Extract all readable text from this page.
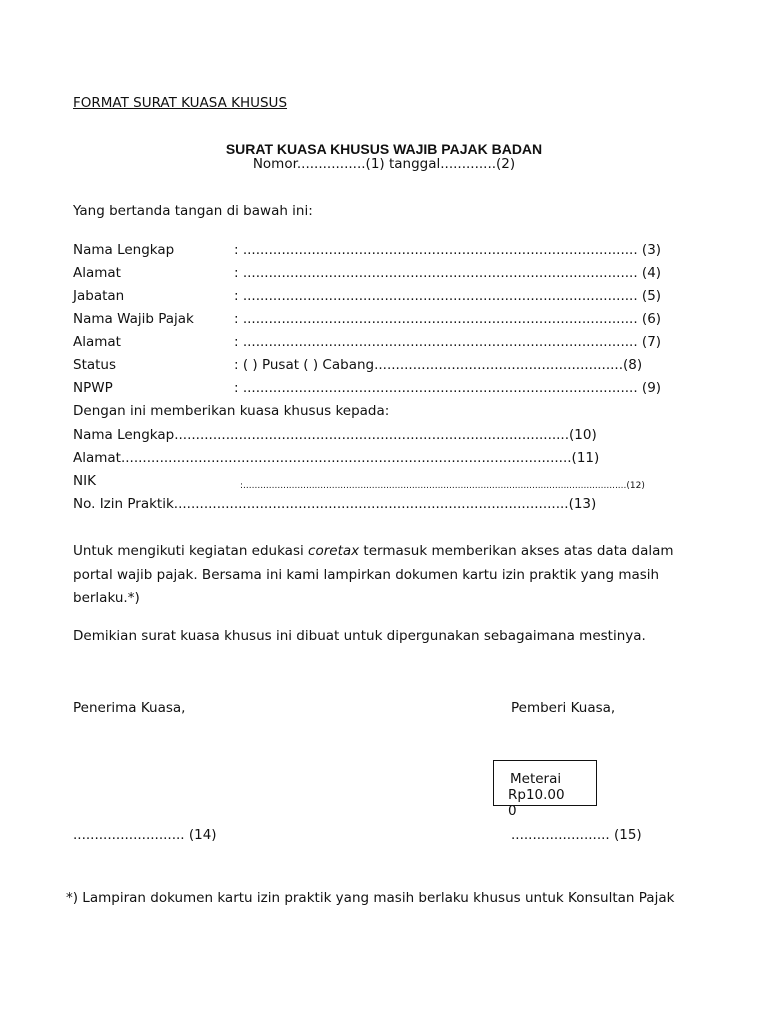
FORMAT SURAT KUASA KHUSUS
SURAT KUASA KHUSUS WAJIB PAJAK BADAN
Nomor................(1) tanggal.............(2)
Yang bertanda tangan di bawah ini:
Nama Lengkap	: ............................................................................................ (3)
Alamat	: ............................................................................................ (4)
Jabatan	: ............................................................................................ (5)
Nama Wajib Pajak	: ............................................................................................ (6)
Alamat	: ............................................................................................ (7)
Status	: ( ) Pusat ( ) Cabang..........................................................(8)
NPWP	: ............................................................................................ (9)
Dengan ini memberikan kuasa khusus kepada:
Nama Lengkap............................................................................................(10)
Alamat.........................................................................................................(11)
NIK	:......................................................................................................................................(12)
No. Izin Praktik............................................................................................(13)
Untuk mengikuti kegiatan edukasi coretax termasuk memberikan akses atas data dalam portal wajib pajak. Bersama ini kami lampirkan dokumen kartu izin praktik yang masih berlaku.*)
Demikian surat kuasa khusus ini dibuat untuk dipergunakan sebagaimana mestinya.
Penerima Kuasa,	Pemberi Kuasa,
Meterai
Rp10.00
0
.......................... (14)	....................... (15)
*) Lampiran dokumen kartu izin praktik yang masih berlaku khusus untuk Konsultan Pajak
